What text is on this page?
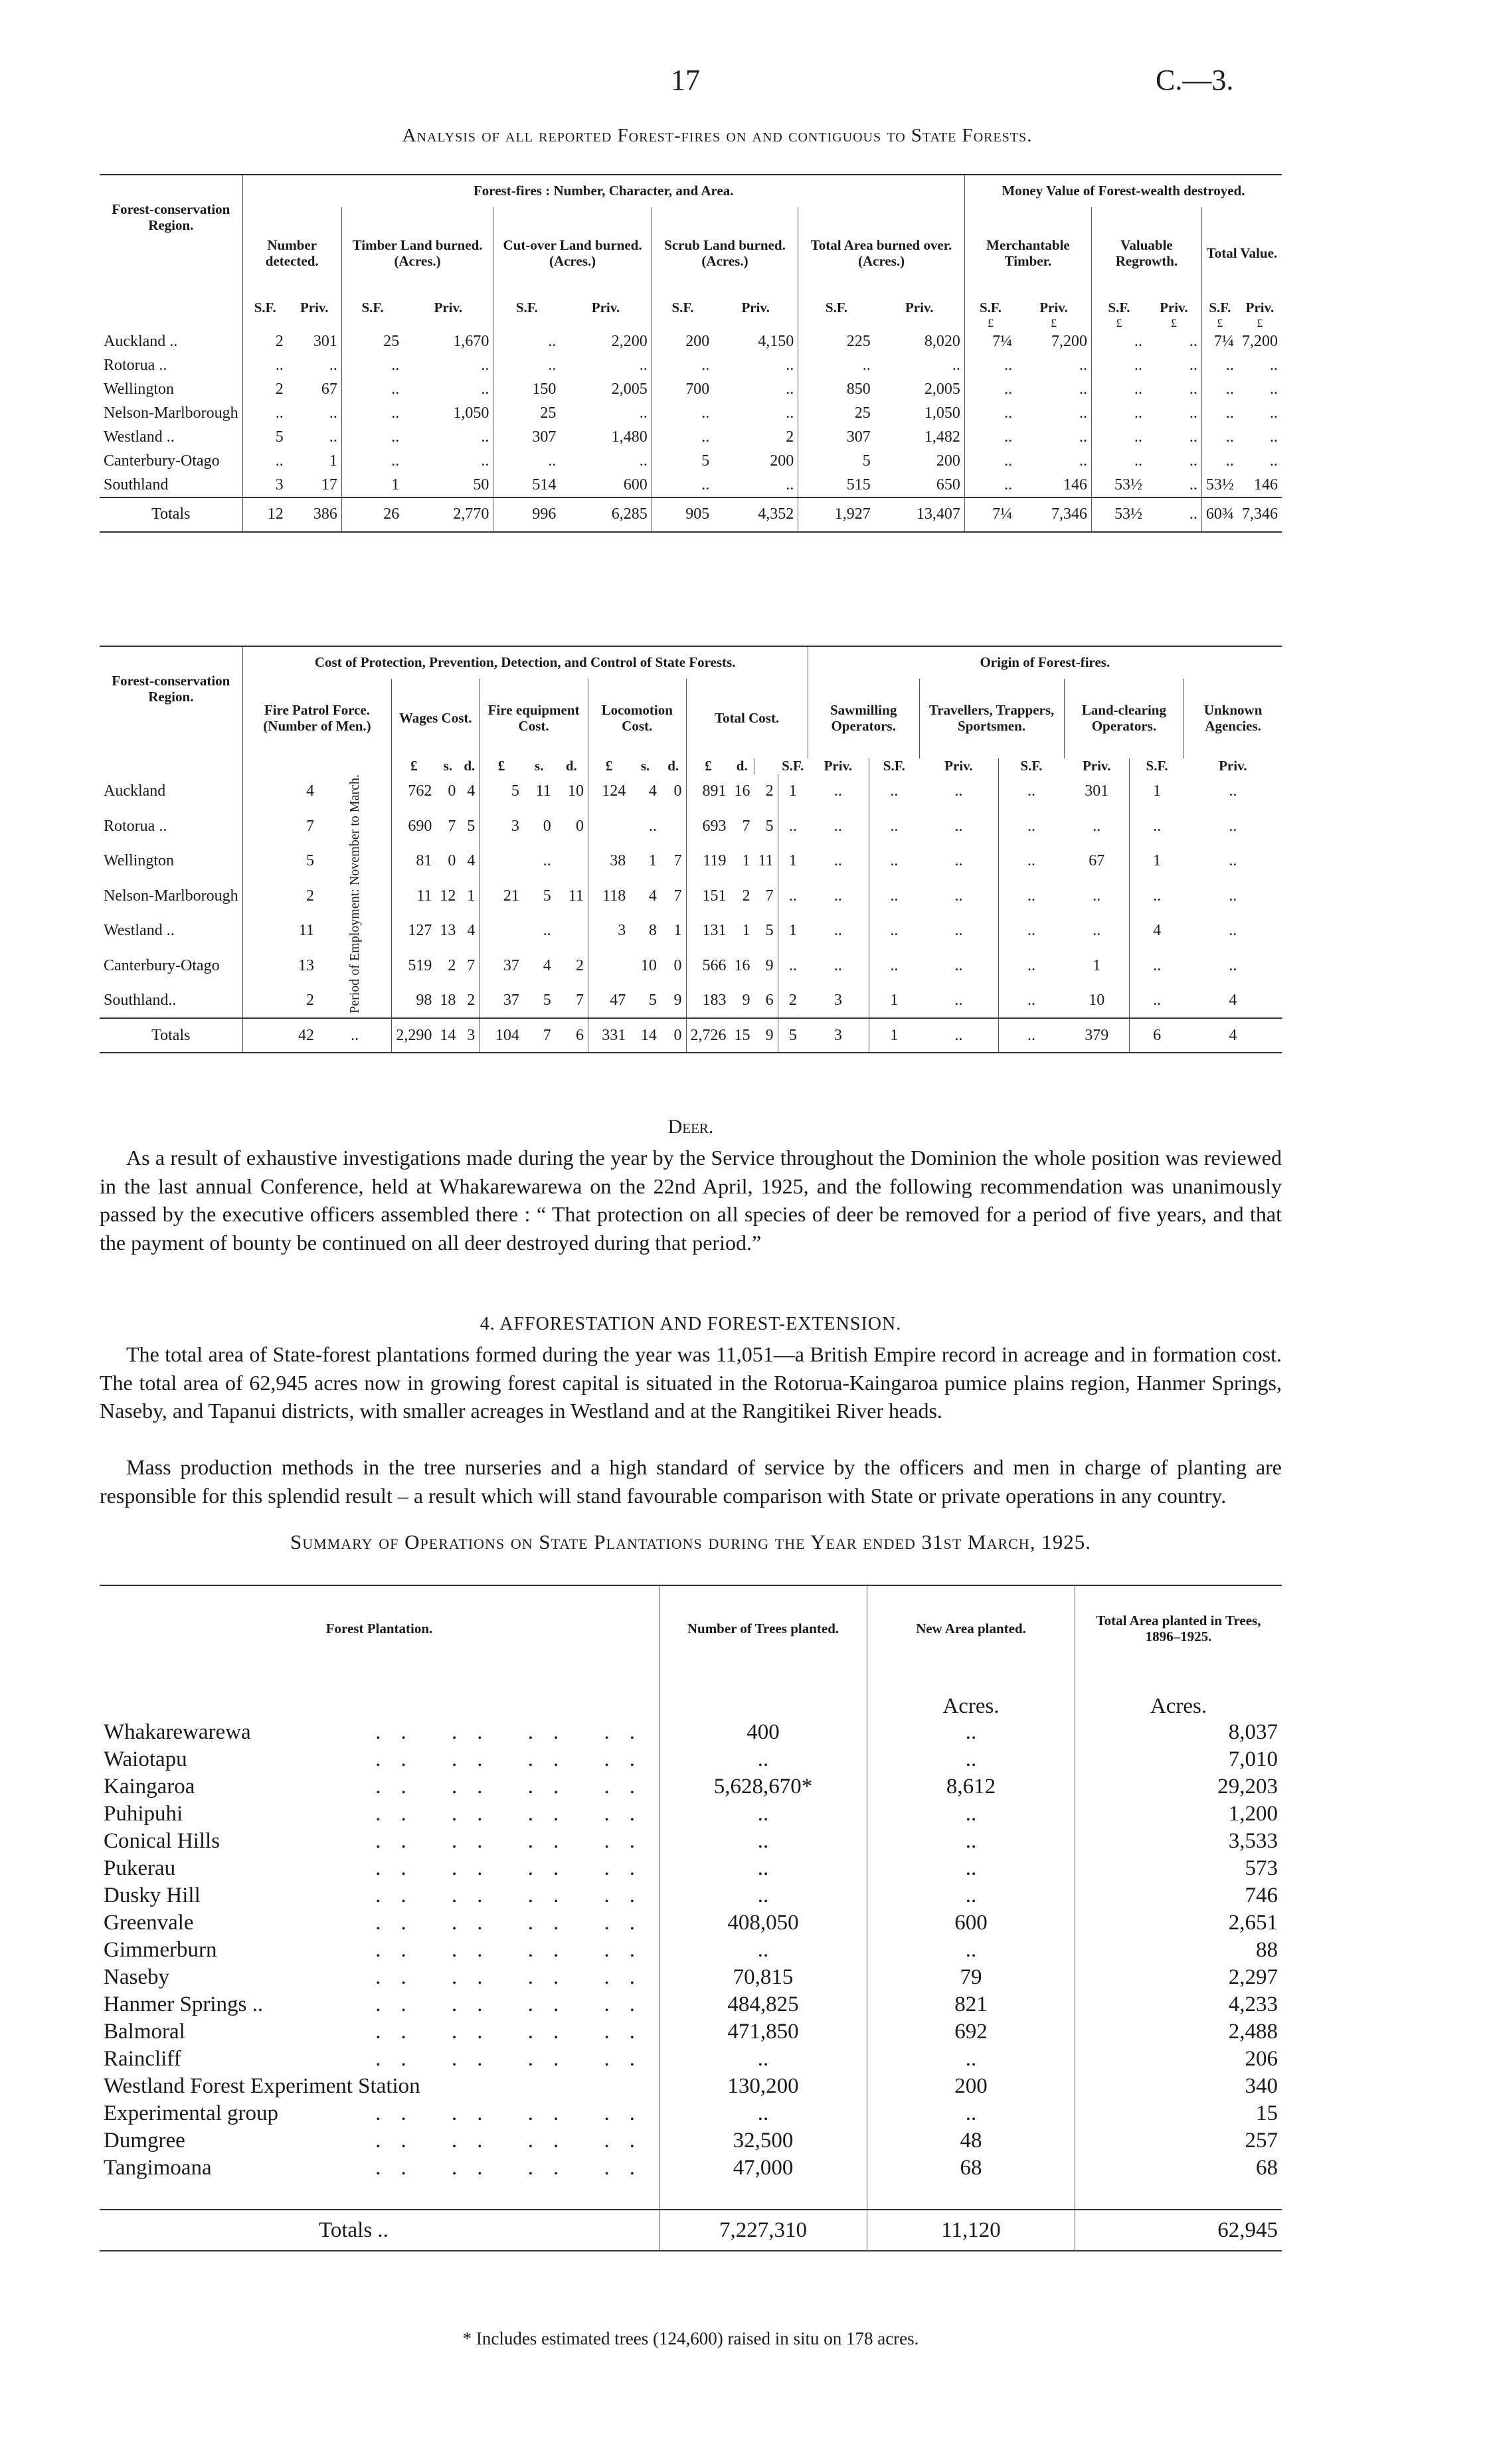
17	C.—3.
Analysis of all reported Forest-fires on and contiguous to State Forests.
Forest-conservation Region.	Forest-fires : Number, Character, and Area.										Money Value of Forest-wealth destroyed.					
	Number detected.		Timber Land burned. (Acres.)		Cut-over Land burned. (Acres.)		Scrub Land burned. (Acres.)		Total Area burned over. (Acres.)		Merchantable Timber.		Valuable Regrowth.		Total Value.	
	S.F.	Priv.	S.F.	Priv.	S.F.	Priv.	S.F.	Priv.	S.F.	Priv.	S.F.	Priv.	S.F.	Priv.	S.F.	Priv.
											£	£	£	£	£	£
Auckland ..	2	301	25	1,670	..	2,200	200	4,150	225	8,020	7¼	7,200	..	..	7¼	7,200
Rotorua ..	..	..	..	..	..	..	..	..	..	..	..	..	..	..	..	..
Wellington	2	67	..	..	150	2,005	700	..	850	2,005	..	..	..	..	..	..
Nelson-Marlborough	..	..	..	1,050	25	..	..	..	25	1,050	..	..	..	..	..	..
Westland ..	5	..	..	..	307	1,480	..	2	307	1,482	..	..	..	..	..	..
Canterbury-Otago	..	1	..	..	..	..	5	200	5	200	..	..	..	..	..	..
Southland	3	17	1	50	514	600	..	..	515	650	..	146	53½	..	53½	146
Totals	12	386	26	2,770	996	6,285	905	4,352	1,927	13,407	7¼	7,346	53½	..	60¾	7,346
Forest-conservation Region.	Cost of Protection, Prevention, Detection, and Control of State Forests.															Origin of Forest-fires.						
	Fire Patrol Force. (Number of Men.)		Wages Cost.			Fire equipment Cost.			Locomotion Cost.			Total Cost.				Sawmilling Operators.		Travellers, Trappers, Sportsmen.		Land-clearing Operators.		Unknown Agencies.
			£	s.	d.	£	s.	d.	£	s.	d.	£	d.		S.F.	Priv.	S.F.	Priv.	S.F.	Priv.	S.F.	Priv.
Auckland	4	Period of Employment: November to March.	762	0	4	5	11	10	124	4	0	891	16	2	1	..	..	..	..	301	1	..
Rotorua ..	7		690	7	5	3	0	0		..		693	7	5	..	..	..	..	..	..	..	..
Wellington	5		81	0	4		..		38	1	7	119	1	11	1	..	..	..	..	67	1	..
Nelson-Marlborough	2		11	12	1	21	5	11	118	4	7	151	2	7	..	..	..	..	..	..	..	..
Westland ..	11		127	13	4		..		3	8	1	131	1	5	1	..	..	..	..	..	4	..
Canterbury-Otago	13		519	2	7	37	4	2		10	0	566	16	9	..	..	..	..	..	1	..	..
Southland..	2		98	18	2	37	5	7	47	5	9	183	9	6	2	3	1	..	..	10	..	4
Totals	42	..	2,290	14	3	104	7	6	331	14	0	2,726	15	9	5	3	1	..	..	379	6	4
Deer.
As a result of exhaustive investigations made during the year by the Service throughout the Dominion the whole position was reviewed in the last annual Conference, held at Whakarewarewa on the 22nd April, 1925, and the following recommendation was unanimously passed by the executive officers assembled there : “ That protection on all species of deer be removed for a period of five years, and that the payment of bounty be continued on all deer destroyed during that period.”
4. AFFORESTATION AND FOREST-EXTENSION.
The total area of State-forest plantations formed during the year was 11,051—a British Empire record in acreage and in formation cost. The total area of 62,945 acres now in growing forest capital is situated in the Rotorua-Kaingaroa pumice plains region, Hanmer Springs, Naseby, and Tapanui districts, with smaller acreages in Westland and at the Rangitikei River heads.
Mass production methods in the tree nurseries and a high standard of service by the officers and men in charge of planting are responsible for this splendid result – a result which will stand favourable comparison with State or private operations in any country.
Summary of Operations on State Plantations during the Year ended 31st March, 1925.
Forest Plantation.	Number of Trees planted.	New Area planted.	Total Area planted in Trees, 1896–1925.
		Acres.	Acres.
Whakarewarewa .. .. .. ..	400	..	8,037
Waiotapu .. .. .. ..	..	..	7,010
Kaingaroa .. .. .. ..	5,628,670*	8,612	29,203
Puhipuhi .. .. .. ..	..	..	1,200
Conical Hills .. .. .. ..	..	..	3,533
Pukerau .. .. .. ..	..	..	573
Dusky Hill .. .. .. ..	..	..	746
Greenvale .. .. .. ..	408,050	600	2,651
Gimmerburn .. .. .. ..	..	..	88
Naseby .. .. .. ..	70,815	79	2,297
Hanmer Springs .. .. .. .. ..	484,825	821	4,233
Balmoral .. .. .. ..	471,850	692	2,488
Raincliff .. .. .. ..	..	..	206
Westland Forest Experiment Station	130,200	200	340
Experimental group .. .. .. ..	..	..	15
Dumgree .. .. .. ..	32,500	48	257
Tangimoana .. .. .. ..	47,000	68	68

Totals ..	7,227,310	11,120	62,945
* Includes estimated trees (124,600) raised in situ on 178 acres.
